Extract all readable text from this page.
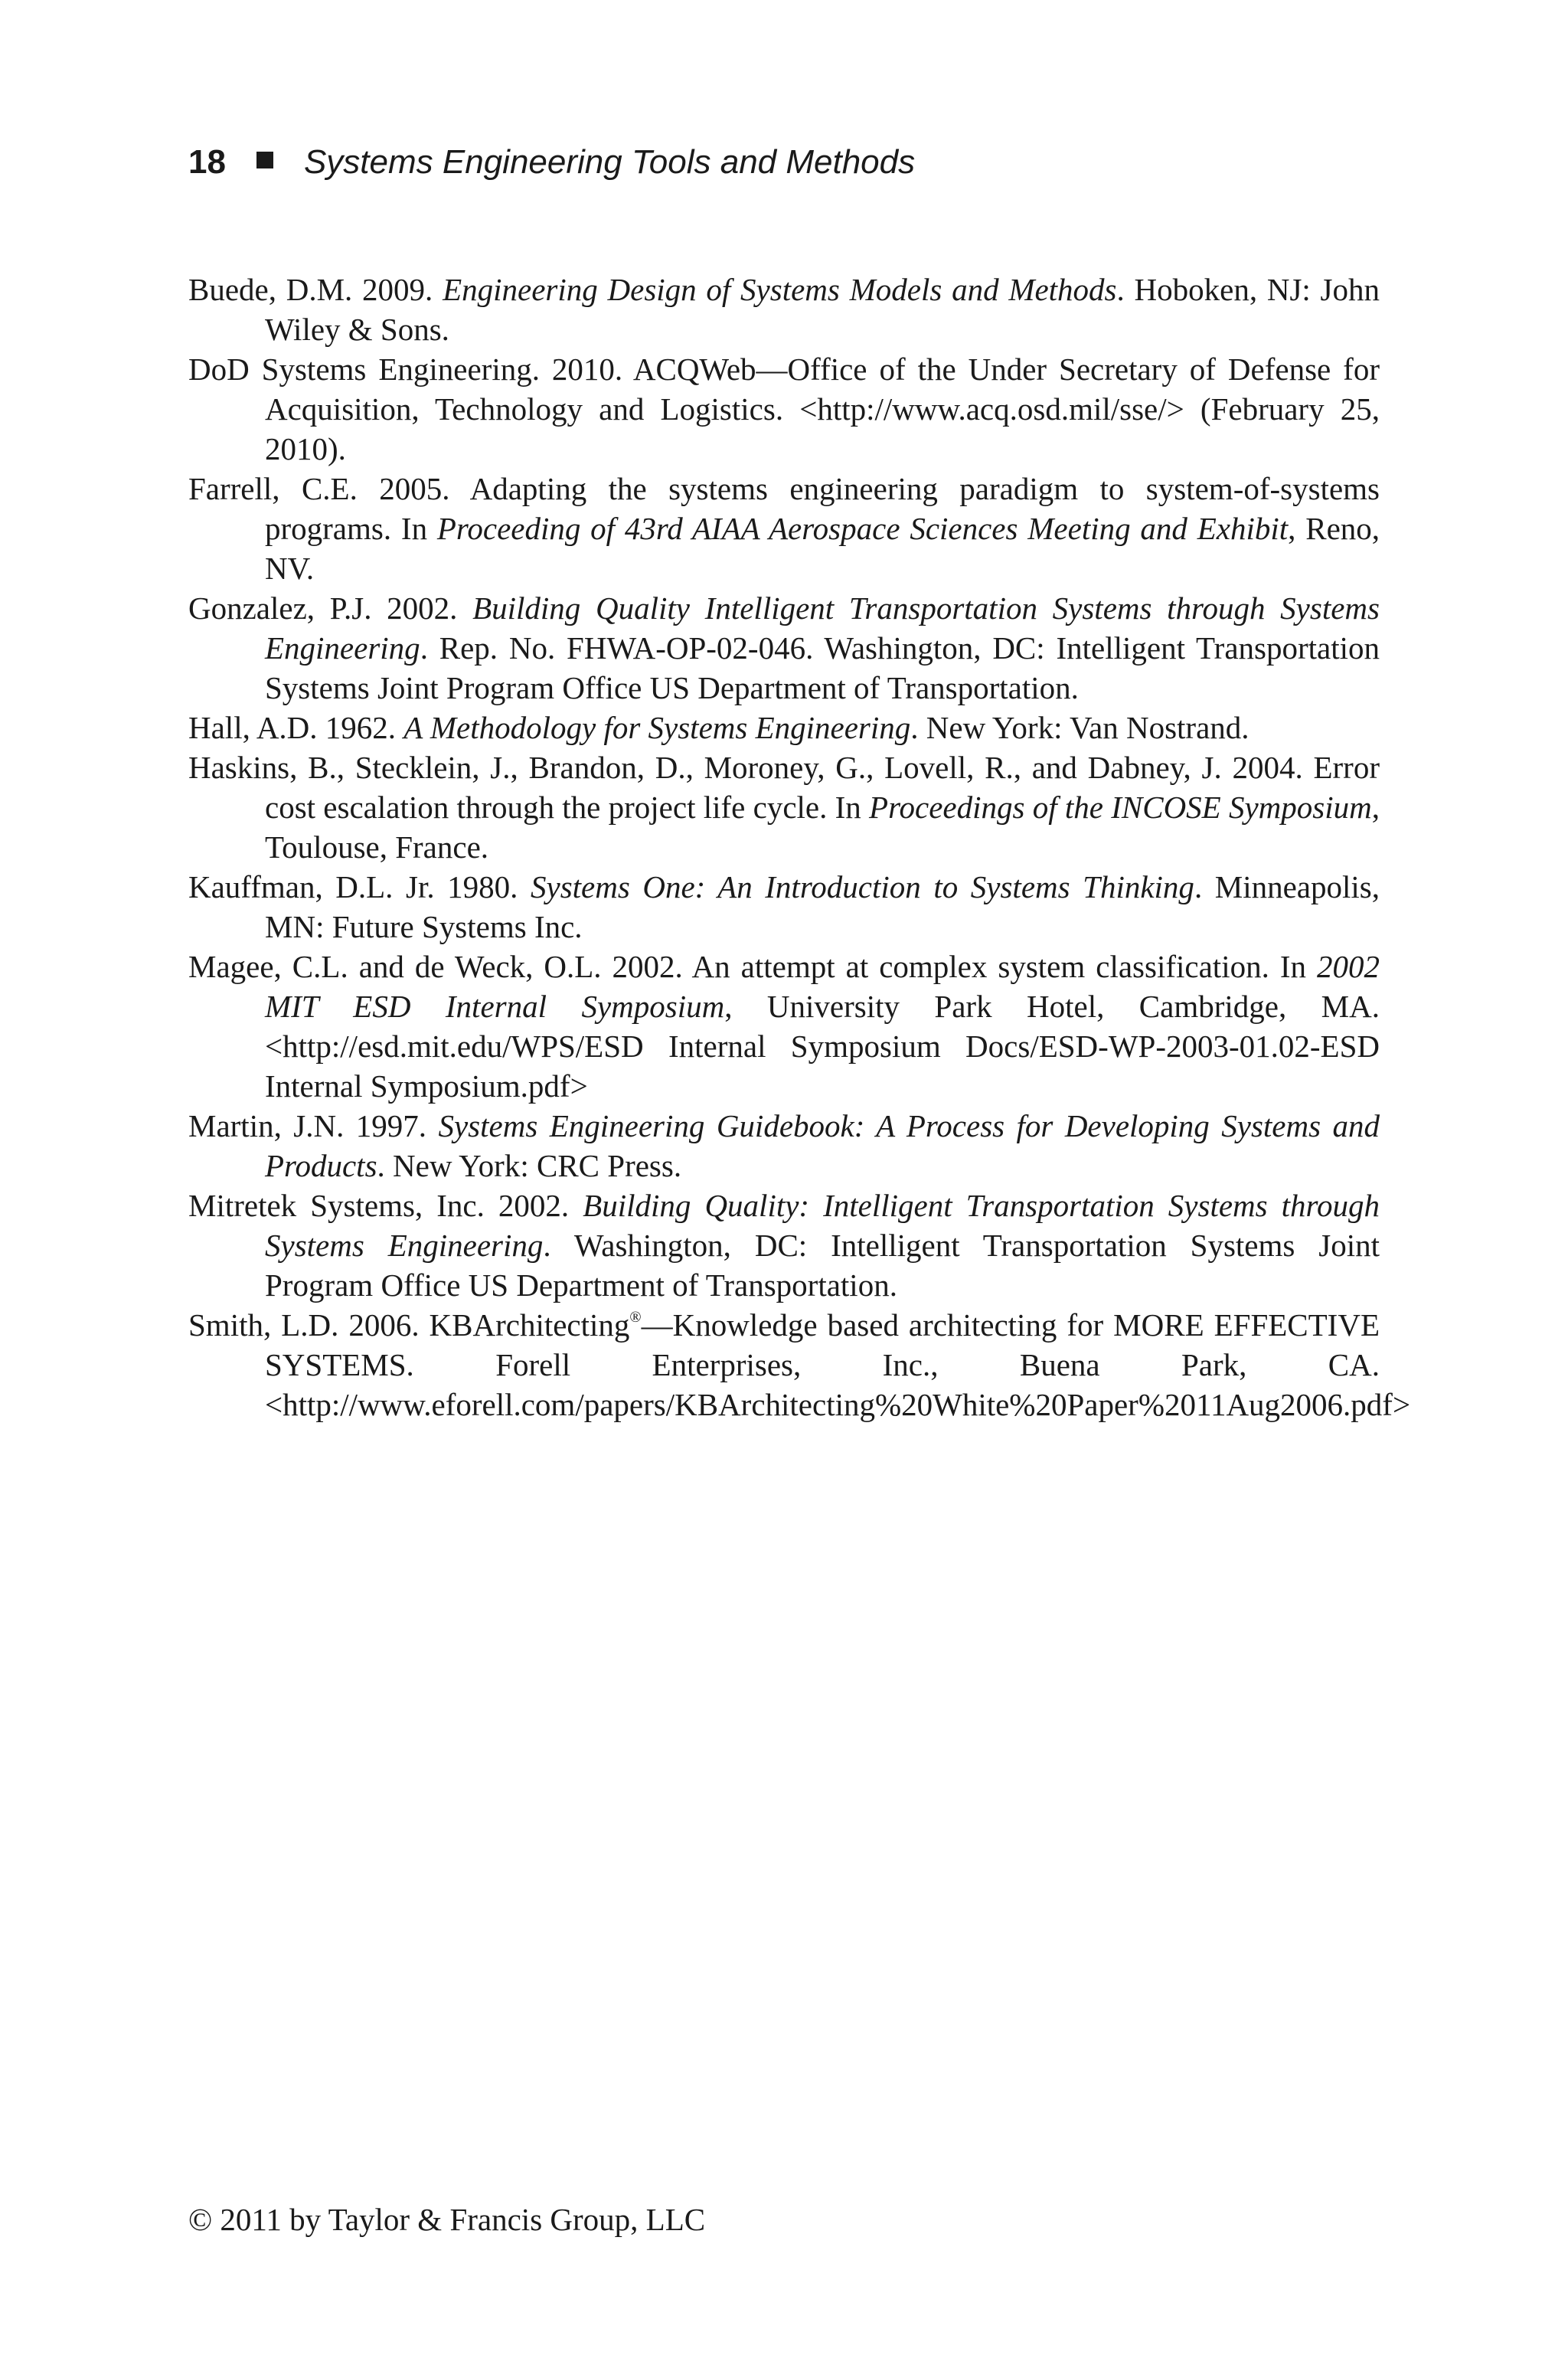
18 Systems Engineering Tools and Methods

Buede, D.M. 2009. Engineering Design of Systems Models and Methods. Hoboken, NJ: John Wiley & Sons.

DoD Systems Engineering. 2010. ACQWeb—Office of the Under Secretary of Defense for Acquisition, Technology and Logistics. <http://www.acq.osd.mil/sse/> (February 25, 2010).

Farrell, C.E. 2005. Adapting the systems engineering paradigm to system-of-systems programs. In Proceeding of 43rd AIAA Aerospace Sciences Meeting and Exhibit, Reno, NV.

Gonzalez, P.J. 2002. Building Quality Intelligent Transportation Systems through Systems Engineering. Rep. No. FHWA-OP-02-046. Washington, DC: Intelligent Transportation Systems Joint Program Office US Department of Transportation.

Hall, A.D. 1962. A Methodology for Systems Engineering. New York: Van Nostrand.

Haskins, B., Stecklein, J., Brandon, D., Moroney, G., Lovell, R., and Dabney, J. 2004. Error cost escalation through the project life cycle. In Proceedings of the INCOSE Symposium, Toulouse, France.

Kauffman, D.L. Jr. 1980. Systems One: An Introduction to Systems Thinking. Minneapolis, MN: Future Systems Inc.

Magee, C.L. and de Weck, O.L. 2002. An attempt at complex system classification. In 2002 MIT ESD Internal Symposium, University Park Hotel, Cambridge, MA. <http://esd.mit.edu/WPS/ESD Internal Symposium Docs/ESD-WP-2003-01.02-ESD Internal Symposium.pdf>

Martin, J.N. 1997. Systems Engineering Guidebook: A Process for Developing Systems and Products. New York: CRC Press.

Mitretek Systems, Inc. 2002. Building Quality: Intelligent Transportation Systems through Systems Engineering. Washington, DC: Intelligent Transportation Systems Joint Program Office US Department of Transportation.

Smith, L.D. 2006. KBArchitecting®—Knowledge based architecting for MORE EFFECTIVE SYSTEMS. Forell Enterprises, Inc., Buena Park, CA. <http://www.eforell.com/papers/KBArchitecting%20White%20Paper%2011Aug2006.pdf>

© 2011 by Taylor & Francis Group, LLC
